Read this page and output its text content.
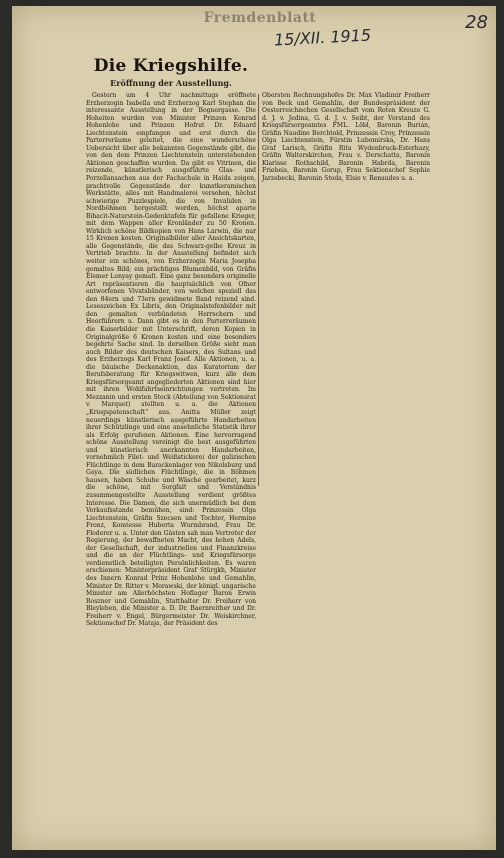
Fremdenblatt
15/XII. 1915
28
Die Kriegshilfe.
Eröffnung der Ausstellung.

Gestern um 4 Uhr nachmittags eröffnete Erzherzogin Isabella und Erzherzog Karl Stephan die interessante Ausstellung in der Bognergasse. Die Hoheiten wurden von Minister Prinzen Konrad Hohenlohe und Prinzen Hofrat Dr. Eduard Liechtenstein empfangen und erst durch die Parterreräume geleitet, die eine wunderschöne Uebersicht über alle bekannten Gegenstände gibt, die von den dem Prinzen Liechtenstein unterstehenden Aktionen geschaffen wurden. Da gibt es Vitrinen, die reizende, künstlerisch ausgeführte Glas- und Porzellansachen aus der Fachschule in Haida zeigen, prachtvolle Gegenstände der kunstkeramischen Werkstätte, alles mit Handmalerei versehen, höchst schwierige Puzzlespiele, die von Invaliden in Nordböhmen hergestellt werden, höchst aparte Bihacit-Naturstein-Gedenktafeln für gefallene Krieger, mit dem Wappen aller Kronländer zu 50 Kronen. Wirklich schöne Bildkopien von Hans Larwin, die nur 15 Kronen kosten. Originalbilder aller Ansichtskarten, alle Gegenstände, die das Schwarz-gelbe Kreuz in Vertrieb brachte. In der Ausstellung befindet sich weiter ein schönes, von Erzherzogin Maria Josepha gemaltes Bild; ein prächtiges Blumenbild, von Gräfin Elemer Lonyay gemalt. Eine ganz besonders originelle Art repräsentieren die hauptsächlich von Ofner entworfenen Vivatsbänder, von welchen speziell das den 84ern und 73ern gewidmete Band reizend sind. Leseszeichen Ex Libris, den Originalstefenbilder mit den gemalten verbündeten Herrschern und Heerführern u. Dann gibt es in den Parterreräumen die Kaiserbilder mit Unterschrift, deren Kopien in Originalgröße 6 Kronen kosten und eine besonders begehrte Sache sind. In derselben Größe sieht man auch Bilder des deutschen Kaisers, des Sultans und des Erzherzogs Karl Franz Josef. Alle Aktionen, u. a. die bäuische Deckenaktion, das Kuratorium der Berufsberatung für Kriegswitwen, kurz alle dem Kriegsfürsorgeamt angegliederten Aktionen sind hier mit ihren Wohlfahrtseinrichtungen vertreten. Im Mezzanin und ersten Stock (Abteilung von Sektionsrat v. Marquet) stellten u. a. die Aktionen „Kriegspatenschaft“ aus. Anitta Müller zeigt neuerdings künstlerisch ausgeführte Handarbeiten ihrer Schützlinge und eine ansehnliche Statistik ihrer als Erfolg gerufenen Aktionen. Eine hervorragend schöne Ausstellung vereinigt die best ausgeführten und künstlerisch anerkannten Handarbeiten, vornehmlich Filet- und Weißstickerei der galizischen Flüchtlinge in dem Barackenlager von Nikolsburg und Gaya. Die südlichen Flüchtlinge, die in Böhmen hausen, haben Schuhe und Wäsche gearbeitet, kurz die schöne, mit Sorgfalt und Verständnis zusammengestellte Ausstellung verdient größtes Interesse. Die Damen, die sich unermüdlich bei dem Verkaufsstande bemühen, sind: Prinzessin Olga Liechtenstein, Gräfin Szecsen und Tochter, Hermine Fronz, Komtesse Huberta Wurmbrand, Frau Dr. Floderer u. a. Unter den Gästen sah man Vertreter der Regierung, der bewaffneten Macht, des hohen Adels, der Gesellschaft, der industriellen und Finanzkreise und die an der Flüchtlings- und Kriegsfürsorge verdienstlich beteiligten Persönlichkeiten. Es waren erschienen: Ministerpräsident Graf Stürgkh, Minister des Innern Konrad Prinz Hohenlohe und Gemahlin, Minister Dr. Ritter v. Morawski, der königl. ungarische Minister am Allerhöchsten Hoflager Baron Erwin Roszner und Gemahlin, Statthalter Dr. Freiherr von Bleyleben, die Minister a. D. Dr. Baernreither und Dr. Freiherr v. Engel, Bürgermeister Dr. Weiskirchner, Sektionschef Dr. Mataja, der Präsident des

Obersten Rechnungshofes Dr. Max Vladimir Freiherr von Beck und Gemahlin, der Bundespräsident der Oesterreichischen Gesellschaft vom Roten Kreuze G. d. J. v. Jedina, G. d. J. v. Seibt, der Vorstand des Kriegsfürsorgeamtes FML. Löbl, Baronin Burián, Gräfin Naudine Berchtold, Prinzessin Croy, Prinzessin Olga Liechtenstein, Fürstin Lubomirska, Dr. Hans Graf Larisch, Gräfin Rita Wydenbruck-Esterhazy, Gräfin Walterskirchen, Frau v. Derschatta, Baronin Klarisse Rothschild, Baronin Habrda, Baronin Friebeis, Baronin Gorup, Frau Sektionschef Sophie Jarzebecki, Baronin Stoda, Elsie v. Renaudes u. a.
